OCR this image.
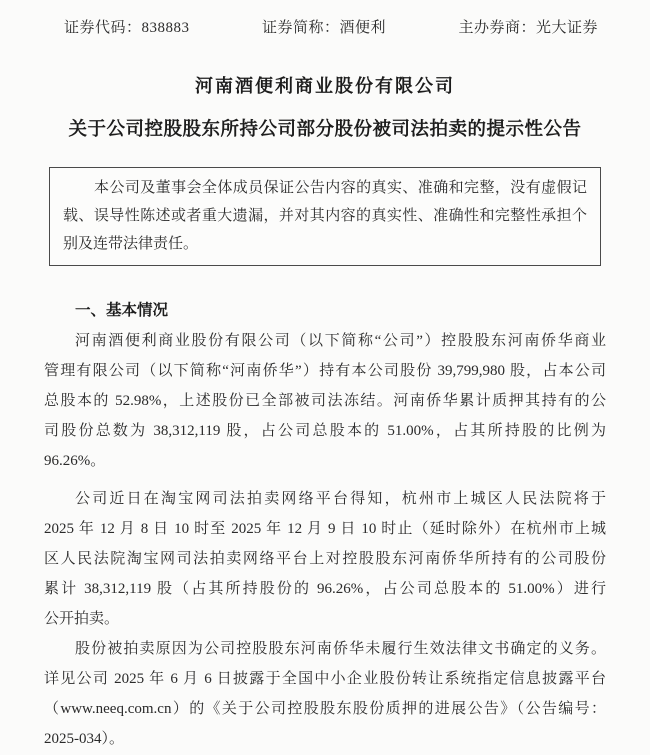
证券代码：838883	证券简称：酒便利	主办券商：光大证券
河南酒便利商业股份有限公司
关于公司控股股东所持公司部分股份被司法拍卖的提示性公告
本公司及董事会全体成员保证公告内容的真实、准确和完整，没有虚假记
载、误导性陈述或者重大遗漏，并对其内容的真实性、准确性和完整性承担个
别及连带法律责任。
一、基本情况
河南酒便利商业股份有限公司（以下简称“公司”）控股股东河南侨华商业
管理有限公司（以下简称“河南侨华”）持有本公司股份 39,799,980 股，占本公司
总股本的 52.98%，上述股份已全部被司法冻结。河南侨华累计质押其持有的公
司股份总数为 38,312,119 股，占公司总股本的 51.00%，占其所持股的比例为
96.26%。
公司近日在淘宝网司法拍卖网络平台得知，杭州市上城区人民法院将于
2025 年 12 月 8 日 10 时至 2025 年 12 月 9 日 10 时止（延时除外）在杭州市上城
区人民法院淘宝网司法拍卖网络平台上对控股股东河南侨华所持有的公司股份
累计 38,312,119 股（占其所持股份的 96.26%，占公司总股本的 51.00%）进行
公开拍卖。
股份被拍卖原因为公司控股股东河南侨华未履行生效法律文书确定的义务。
详见公司 2025 年 6 月 6 日披露于全国中小企业股份转让系统指定信息披露平台
（www.neeq.com.cn）的《关于公司控股股东股份质押的进展公告》（公告编号：
2025-034）。
